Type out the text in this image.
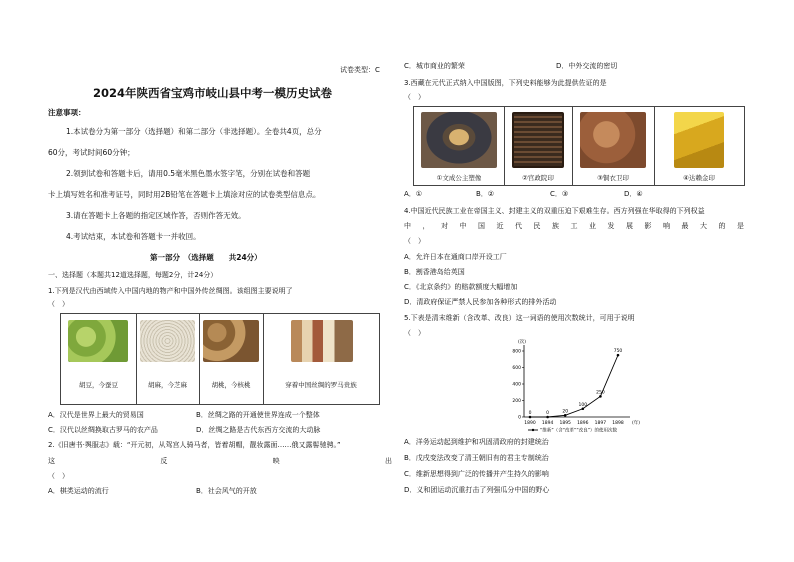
试卷类型：C
2024年陕西省宝鸡市岐山县中考一模历史试卷
注意事项：
1.本试卷分为第一部分（选择题）和第二部分（非选择题）。全卷共4页，总分
60分，考试时间60分钟；
2.领到试卷和答题卡后，请用0.5毫米黑色墨水签字笔，分别在试卷和答题
卡上填写姓名和准考证号，同时用2B铅笔在答题卡上填涂对应的试卷类型信息点。
3.请在答题卡上各题的指定区域作答，否则作答无效。
4.考试结束，本试卷和答题卡一并收回。
第一部分　（选择题　　共24分）
一、选择题（本题共12道选择题，每题2分，计24分）
1.下列是汉代由西域传入中国内地的物产和中国外传丝绸图。该组图主要说明了
（　）
胡豆，今蚕豆	胡麻，今芝麻	胡桃，今核桃	穿着中国丝绸的罗马贵族
A．汉代是世界上最大的贸易国	B．丝绸之路的开通使世界连成一个整体
C．汉代以丝绸换取古罗马的农产品	D．丝绸之路是古代东西方交流的大动脉
2.《旧唐书·舆服志》载：“开元初，从驾宫人骑马者，皆着胡帽，靓妆露面……俄又露髻驰骋。”
这	反	映	出
（　）
A．棋类运动的流行	B．社会风气的开放
C．城市商业的繁荣	D．中外交流的密切
3.西藏在元代正式纳入中国版图，下列史料能够为此提供佐证的是
（　）
①文成公主塑像	②官政院印	③铜衣卫印	④达赖金印
A．①	B．②	C．③	D．④
4.中国近代民族工业在帝国主义、封建主义的双重压迫下艰难生存。西方列强在华取得的下列权益
中 ， 对 中 国 近 代 民 族 工 业 发 展 影 响 最 大 的 是
（　）
A．允许日本在通商口岸开设工厂
B．割香港岛给英国
C．《北京条约》的赔款额度大幅增加
D．清政府保证严禁人民参加各种形式的排外活动
5.下表是清末维新（含改革、改良）这一词语的使用次数统计，可用于说明
（　）
(次)
(年)
0
200
400
600
800
1890 1894 1895 1896 1897 1898
0	0	20
100
250
750
“维新”（含“改革”“改良”）的使用次数
A．洋务运动起到维护和巩固清政府的封建统治
B．戊戌变法改变了清王朝旧有的君主专制统治
C．维新思想得到广泛的传播并产生持久的影响
D．义和团运动沉重打击了列强瓜分中国的野心
